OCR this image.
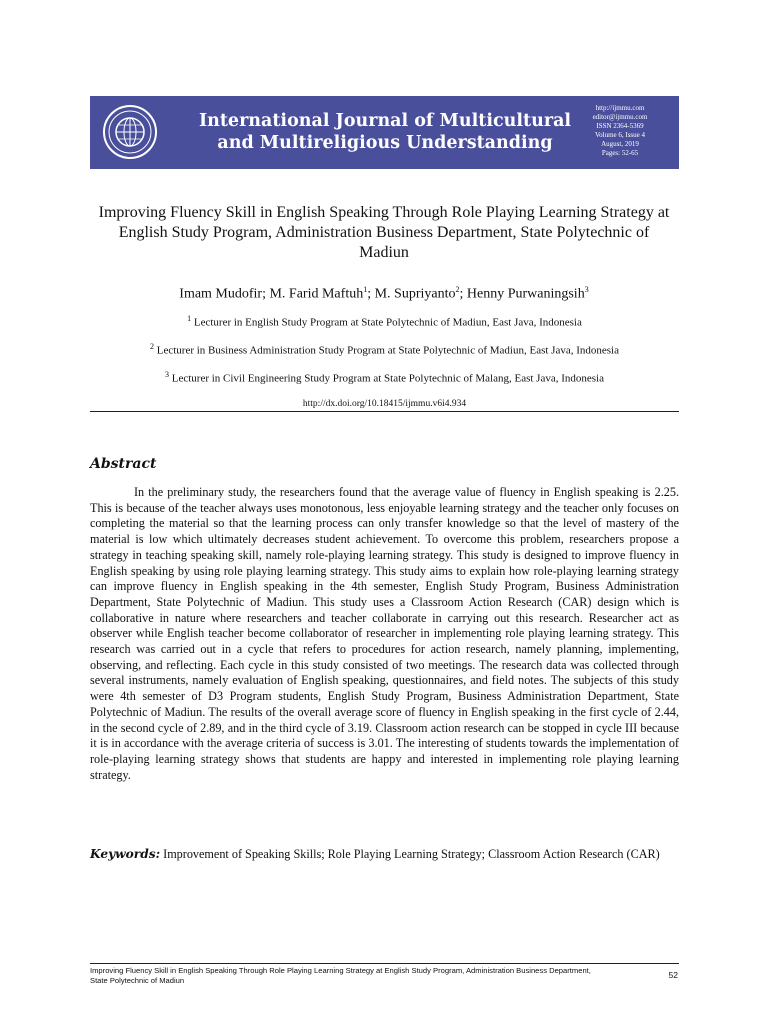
International Journal of Multicultural
and Multireligious Understanding
http://ijmmu.com
editor@ijmmu.com
ISSN 2364-5369
Volume 6, Issue 4
August, 2019
Pages: 52-65
Improving Fluency Skill in English Speaking Through Role Playing Learning Strategy at English Study Program, Administration Business Department, State Polytechnic of Madiun
Imam Mudofir; M. Farid Maftuh$^1$; M. Supriyanto$^2$; Henny Purwaningsih$^3$
$^1$ Lecturer in English Study Program at State Polytechnic of Madiun, East Java, Indonesia
$^2$ Lecturer in Business Administration Study Program at State Polytechnic of Madiun, East Java, Indonesia
$^3$ Lecturer in Civil Engineering Study Program at State Polytechnic of Malang, East Java, Indonesia
http://dx.doi.org/10.18415/ijmmu.v6i4.934
Abstract
In the preliminary study, the researchers found that the average value of fluency in English speaking is 2.25. This is because of the teacher always uses monotonous, less enjoyable learning strategy and the teacher only focuses on completing the material so that the learning process can only transfer knowledge so that the level of mastery of the material is low which ultimately decreases student achievement. To overcome this problem, researchers propose a strategy in teaching speaking skill, namely role-playing learning strategy. This study is designed to improve fluency in English speaking by using role playing learning strategy. This study aims to explain how role-playing learning strategy can improve fluency in English speaking in the 4th semester, English Study Program, Business Administration Department, State Polytechnic of Madiun. This study uses a Classroom Action Research (CAR) design which is collaborative in nature where researchers and teacher collaborate in carrying out this research. Researcher act as observer while English teacher become collaborator of researcher in implementing role playing learning strategy. This research was carried out in a cycle that refers to procedures for action research, namely planning, implementing, observing, and reflecting. Each cycle in this study consisted of two meetings. The research data was collected through several instruments, namely evaluation of English speaking, questionnaires, and field notes. The subjects of this study were 4th semester of D3 Program students, English Study Program, Business Administration Department, State Polytechnic of Madiun. The results of the overall average score of fluency in English speaking in the first cycle of 2.44, in the second cycle of 2.89, and in the third cycle of 3.19. Classroom action research can be stopped in cycle III because it is in accordance with the average criteria of success is 3.01. The interesting of students towards the implementation of role-playing learning strategy shows that students are happy and interested in implementing role playing learning strategy.
Keywords: Improvement of Speaking Skills; Role Playing Learning Strategy; Classroom Action Research (CAR)
Improving Fluency Skill in English Speaking Through Role Playing Learning Strategy at English Study Program, Administration Business Department, State Polytechnic of Madiun
52
